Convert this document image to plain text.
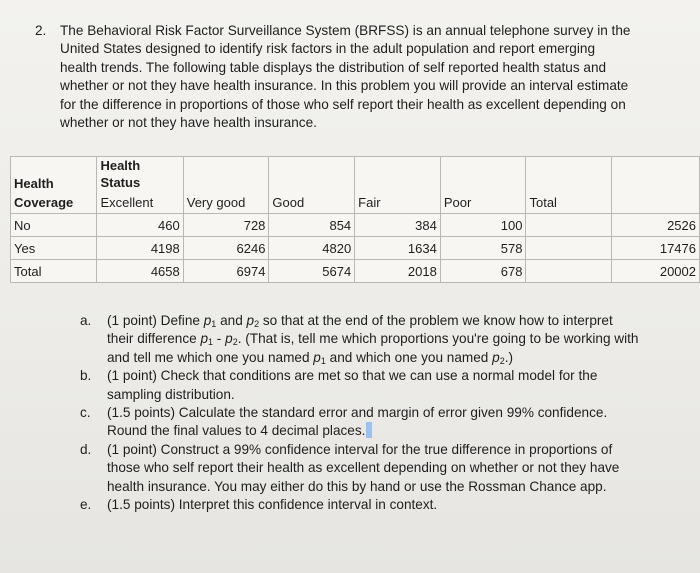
2. The Behavioral Risk Factor Surveillance System (BRFSS) is an annual telephone survey in the United States designed to identify risk factors in the adult population and report emerging health trends. The following table displays the distribution of self reported health status and whether or not they have health insurance. In this problem you will provide an interval estimate for the difference in proportions of those who self report their health as excellent depending on whether or not they have health insurance.
Health	Health
Status						
Coverage	Excellent	Very good	Good	Fair	Poor	Total	
No	460	728	854	384	100		2526
Yes	4198	6246	4820	1634	578		17476
Total	4658	6974	5674	2018	678		20002
a. (1 point) Define $p_1$ and $p_2$ so that at the end of the problem we know how to interpret their difference $p_1 - p_2$. (That is, tell me which proportions you're going to be working with and tell me which one you named $p_1$ and which one you named $p_2$.)
b. (1 point) Check that conditions are met so that we can use a normal model for the sampling distribution.
c. (1.5 points) Calculate the standard error and margin of error given 99% confidence. Round the final values to 4 decimal places.
d. (1 point) Construct a 99% confidence interval for the true difference in proportions of those who self report their health as excellent depending on whether or not they have health insurance. You may either do this by hand or use the Rossman Chance app.
e. (1.5 points) Interpret this confidence interval in context.
